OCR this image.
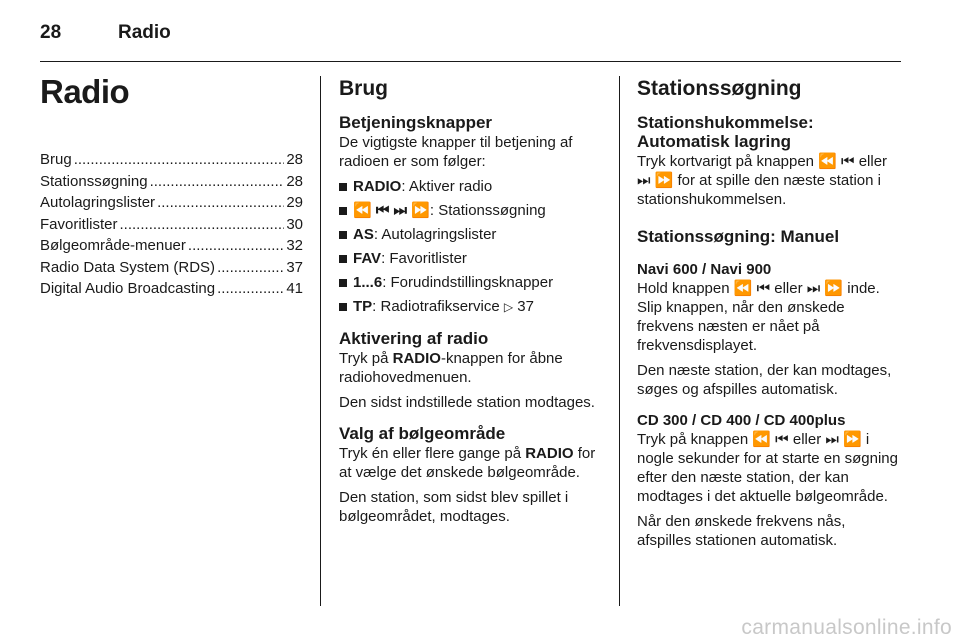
28	Radio
Radio
Brug .....	28
Stationssøgning .....	28
Autolagringslister .....	29
Favoritlister .....	30
Bølgeområde-menuer .....	32
Radio Data System (RDS) .....	37
Digital Audio Broadcasting .....	41
Brug
Betjeningsknapper

De vigtigste knapper til betjening af radioen er som følger:

RADIO: Aktiver radio
⏪ ⏮ ⏭ ⏩: Stationssøgning
AS: Autolagringslister
FAV: Favoritlister
1...6: Forudindstillingsknapper
TP: Radiotrafikservice ▷ 37
Aktivering af radio

Tryk på RADIO-knappen for åbne radiohovedmenuen.

Den sidst indstillede station modtages.

Valg af bølgeområde

Tryk én eller flere gange på RADIO for at vælge det ønskede bølgeområde.

Den station, som sidst blev spillet i bølgeområdet, modtages.

Stationssøgning
Stationshukommelse: Automatisk lagring

Tryk kortvarigt på knappen ⏪ ⏮ eller ⏭ ⏩ for at spille den næste station i stationshukommelsen.

Stationssøgning: Manuel
Navi 600 / Navi 900

Hold knappen ⏪ ⏮ eller ⏭ ⏩ inde. Slip knappen, når den ønskede frekvens næsten er nået på frekvensdisplayet.

Den næste station, der kan modtages, søges og afspilles automatisk.

CD 300 / CD 400 / CD 400plus

Tryk på knappen ⏪ ⏮ eller ⏭ ⏩ i nogle sekunder for at starte en søgning efter den næste station, der kan modtages i det aktuelle bølgeområde.

Når den ønskede frekvens nås, afspilles stationen automatisk.

carmanualsonline.info
